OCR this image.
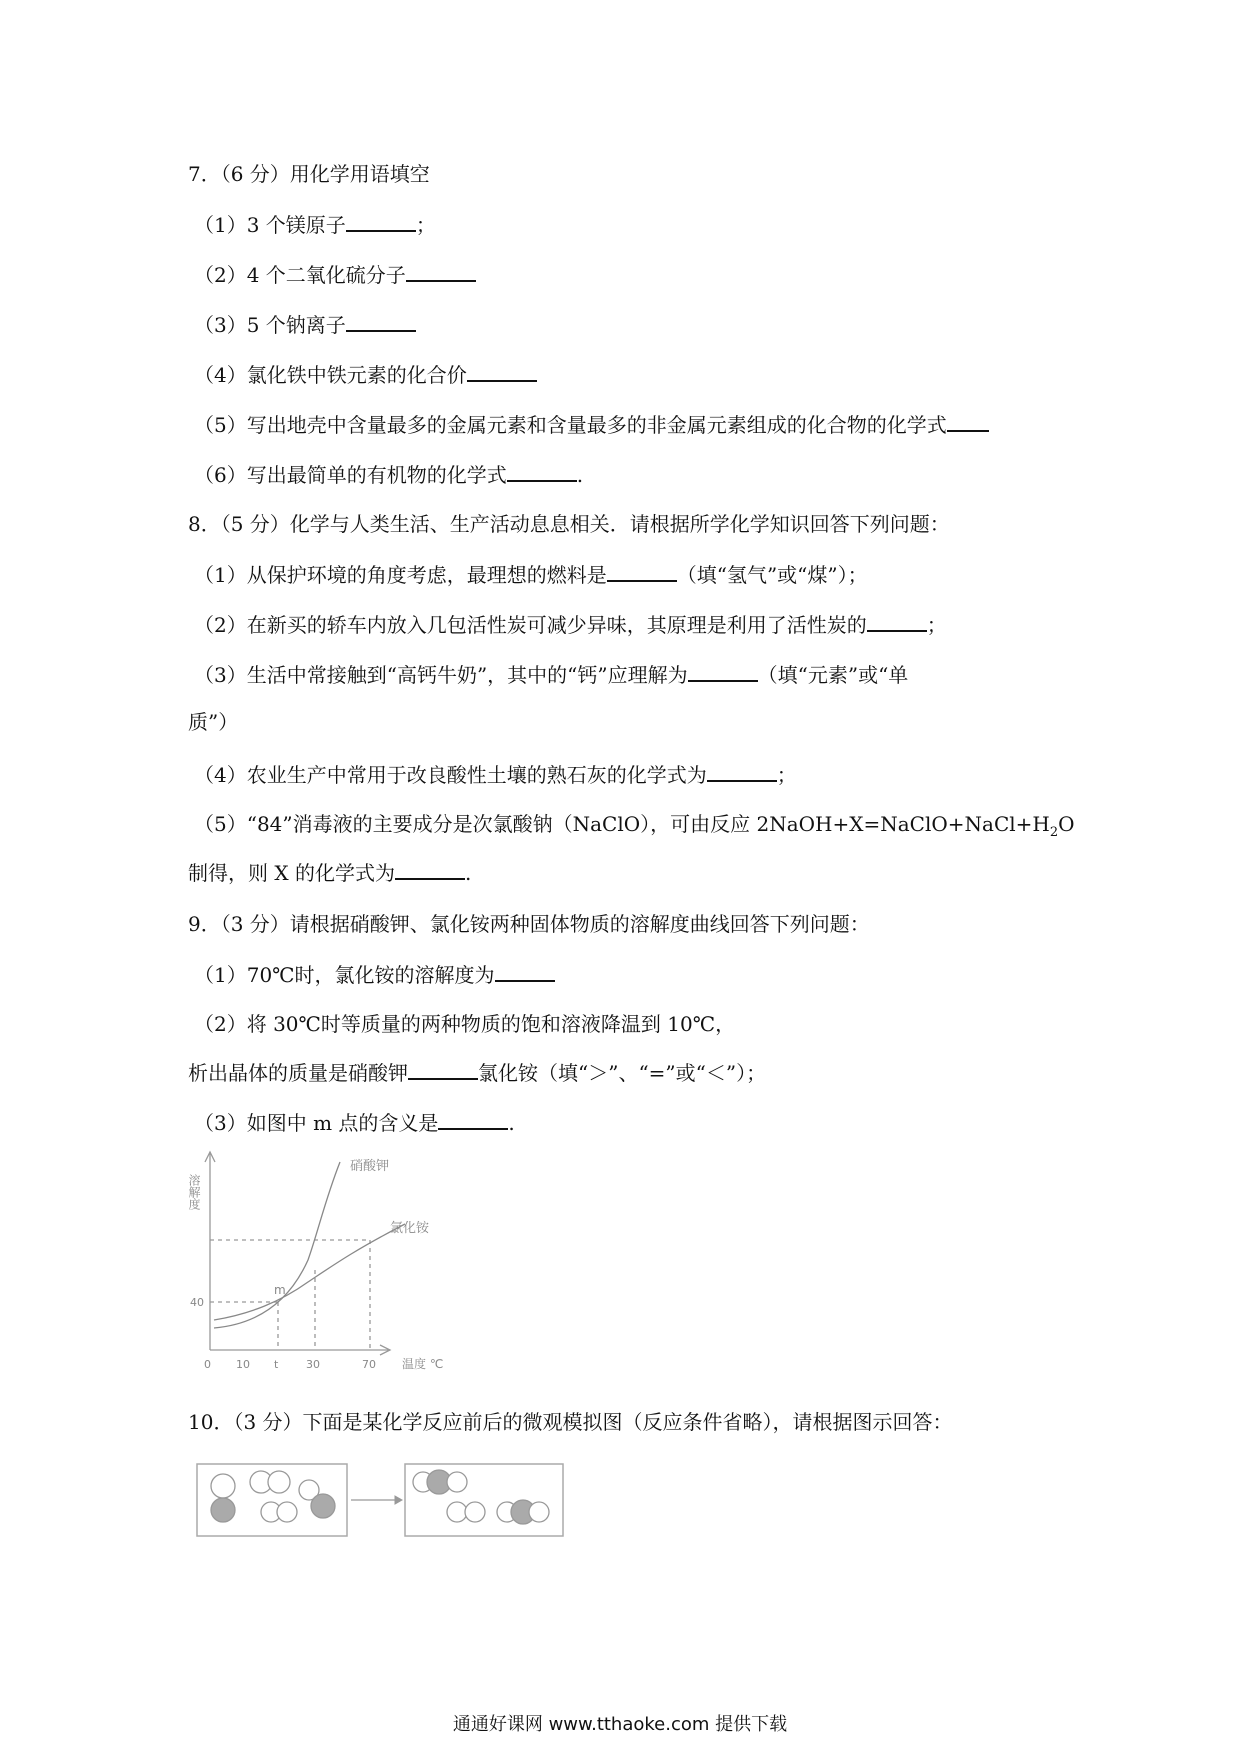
7．（6 分）用化学用语填空
（1）3 个镁原子	；
（2）4 个二氧化硫分子
（3）5 个钠离子
（4）氯化铁中铁元素的化合价
（5）写出地壳中含量最多的金属元素和含量最多的非金属元素组成的化合物的化学式
（6）写出最简单的有机物的化学式	.
8．（5 分）化学与人类生活、生产活动息息相关．请根据所学化学知识回答下列问题：
（1）从保护环境的角度考虑，最理想的燃料是	（填“氢气”或“煤”）；
（2）在新买的轿车内放入几包活性炭可减少异味，其原理是利用了活性炭的	；
（3）生活中常接触到“高钙牛奶”，其中的“钙”应理解为	（填“元素”或“单
质”）
（4）农业生产中常用于改良酸性土壤的熟石灰的化学式为	；
（5）“84”消毒液的主要成分是次氯酸钠（NaClO），可由反应 $2NaOH+X=NaClO+NaCl+H_2O$
制得，则 X 的化学式为	.
9．（3 分）请根据硝酸钾、氯化铵两种固体物质的溶解度曲线回答下列问题：
（1）70℃时，氯化铵的溶解度为
（2）将 30℃时等质量的两种物质的饱和溶液降温到 10℃，
析出晶体的质量是硝酸钾	氯化铵（填“＞”、“=”或“＜”）；
（3）如图中 m 点的含义是	.
溶解度
40
0 10 t	30	70 温度 ℃
硝酸钾
氯化铵
m
10．（3 分）下面是某化学反应前后的微观模拟图（反应条件省略），请根据图示回答：
通通好课网 www.tthaoke.com 提供下载
